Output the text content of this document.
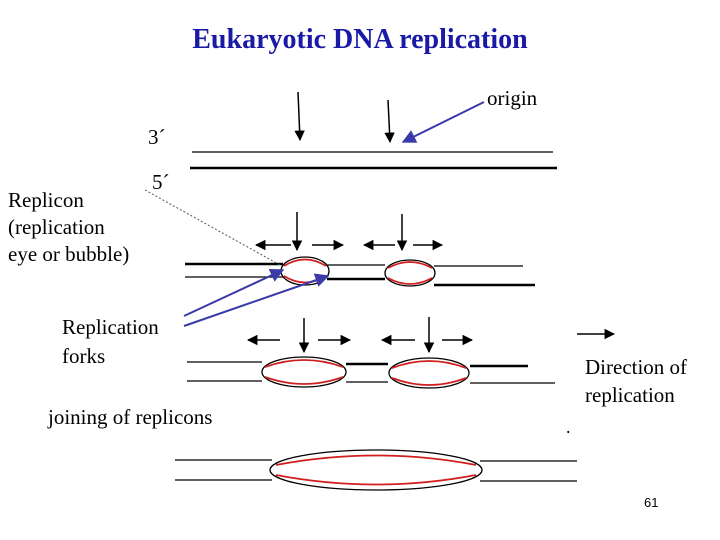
Eukaryotic DNA replication
origin
3´
5´
Replicon
(replication
eye or bubble)
Replication
forks	Direction of
replication
joining of replicons	.
61
